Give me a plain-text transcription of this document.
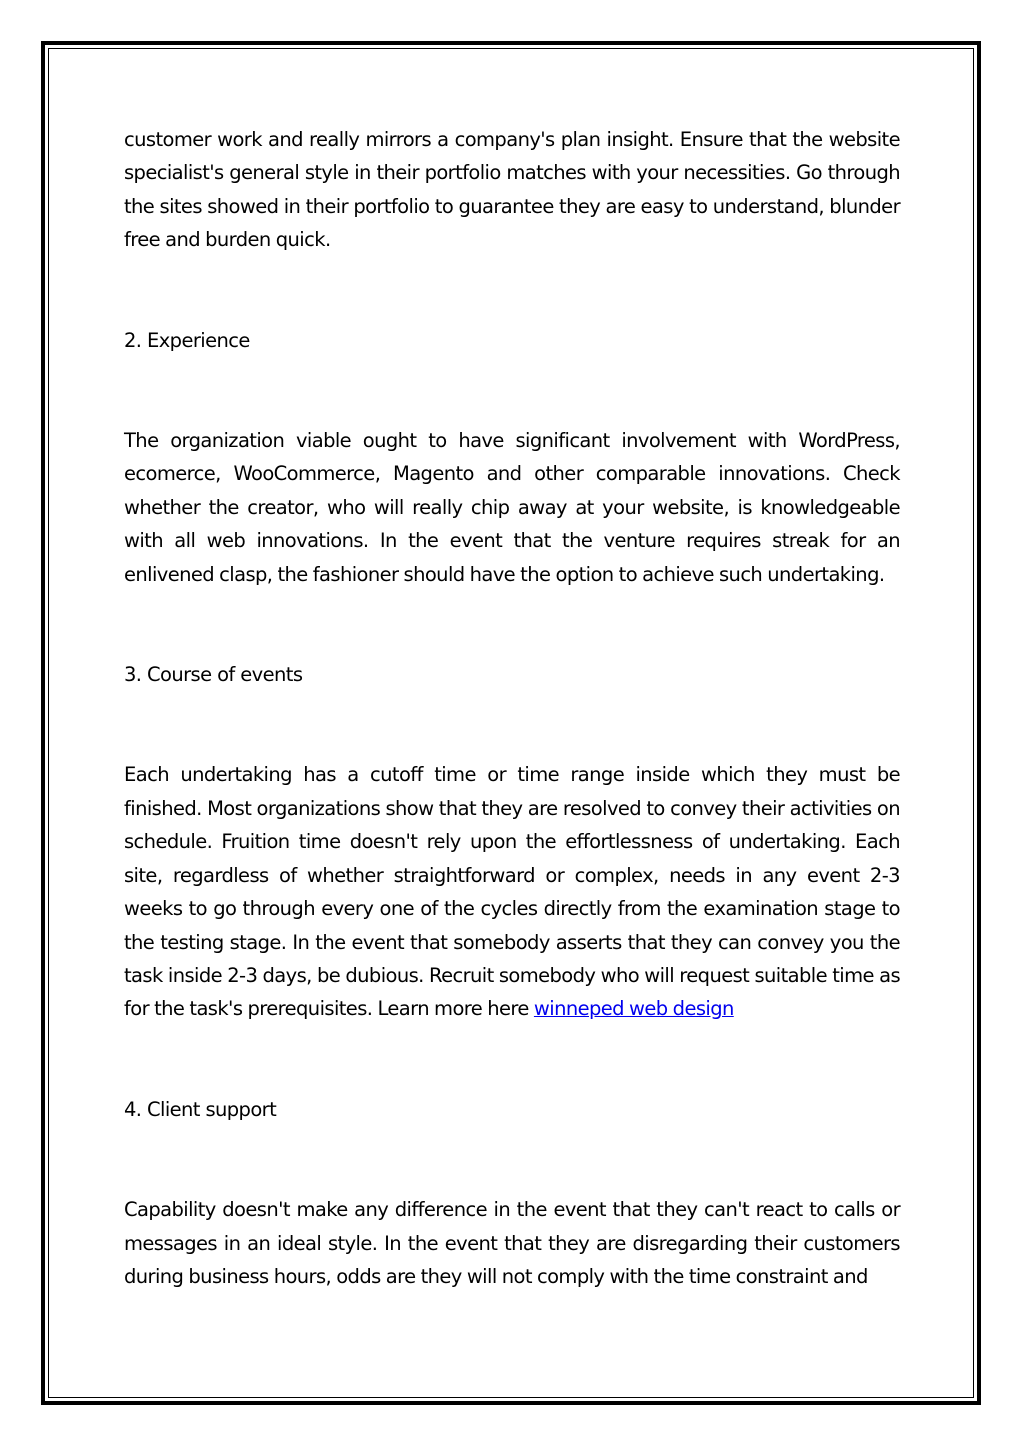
customer work and really mirrors a company's plan insight. Ensure that the website specialist's general style in their portfolio matches with your necessities. Go through the sites showed in their portfolio to guarantee they are easy to understand, blunder free and burden quick.

2. Experience

The organization viable ought to have significant involvement with WordPress, ecomerce, WooCommerce, Magento and other comparable innovations. Check whether the creator, who will really chip away at your website, is knowledgeable with all web innovations. In the event that the venture requires streak for an enlivened clasp, the fashioner should have the option to achieve such undertaking.

3. Course of events

Each undertaking has a cutoff time or time range inside which they must be finished. Most organizations show that they are resolved to convey their activities on schedule. Fruition time doesn't rely upon the effortlessness of undertaking. Each site, regardless of whether straightforward or complex, needs in any event 2-3 weeks to go through every one of the cycles directly from the examination stage to the testing stage. In the event that somebody asserts that they can convey you the task inside 2-3 days, be dubious. Recruit somebody who will request suitable time as for the task's prerequisites. Learn more here winneped web design

4. Client support

Capability doesn't make any difference in the event that they can't react to calls or messages in an ideal style. In the event that they are disregarding their customers during business hours, odds are they will not comply with the time constraint and
